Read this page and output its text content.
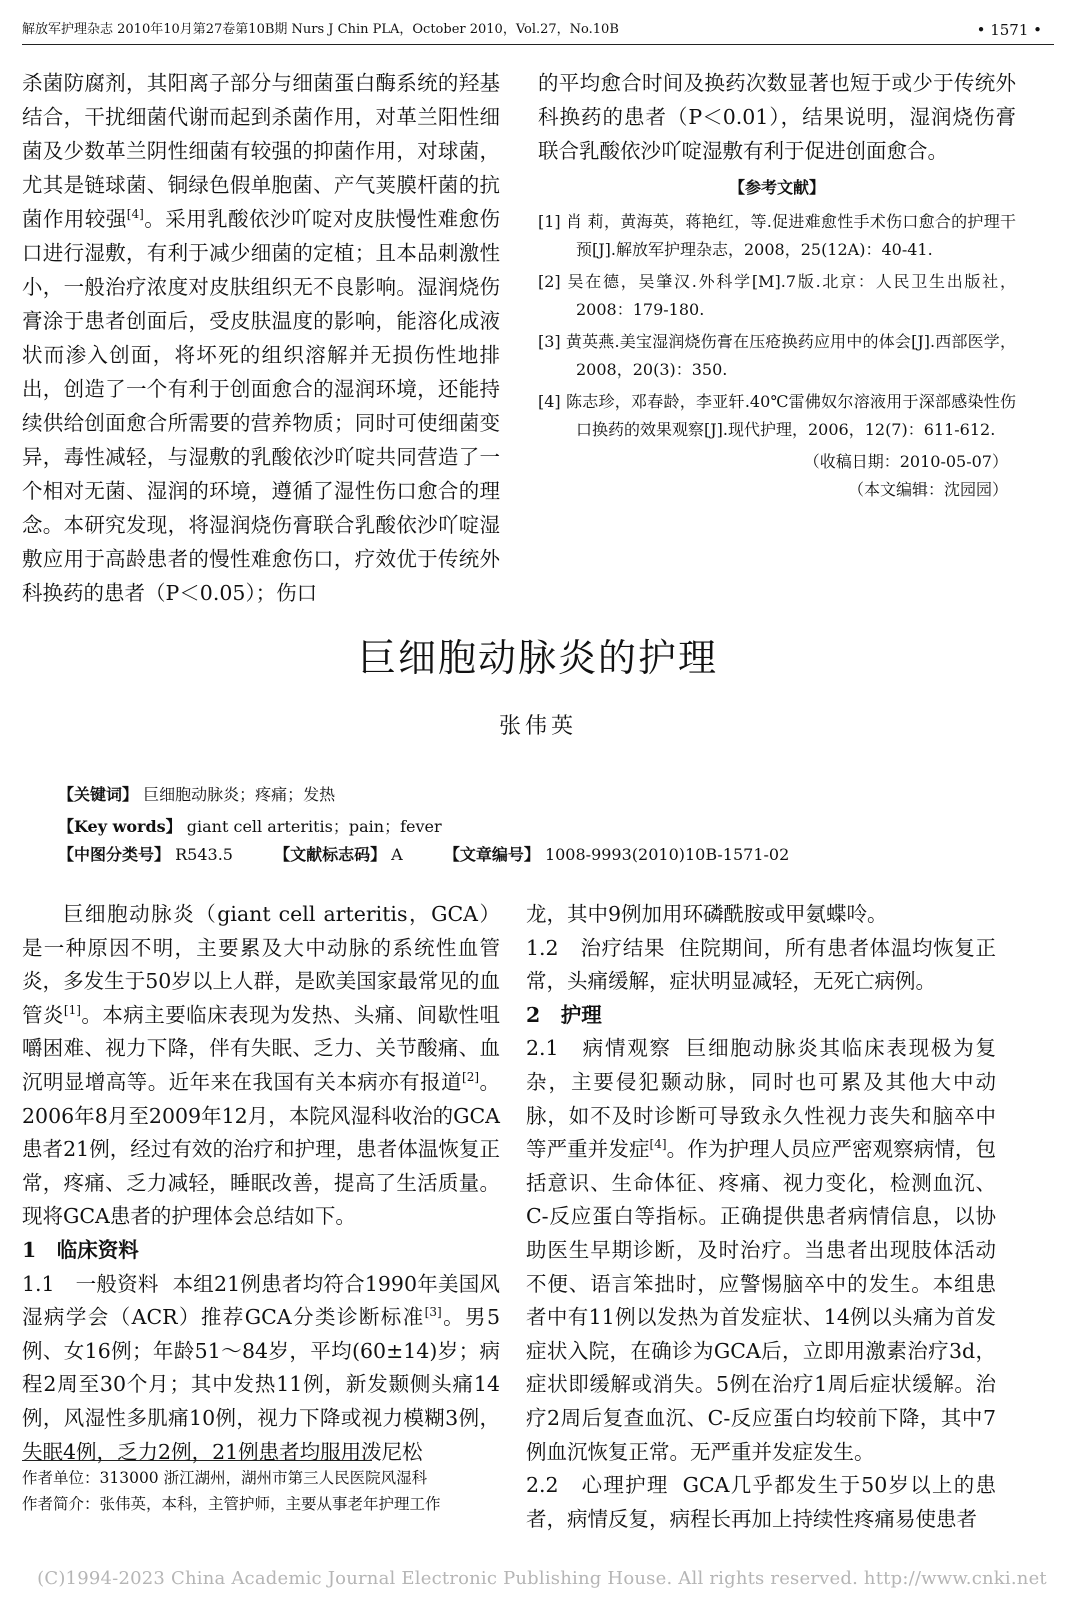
解放军护理杂志 2010年10月第27卷第10B期 Nurs J Chin PLA，October 2010，Vol.27，No.10B	• 1571 •

杀菌防腐剂，其阳离子部分与细菌蛋白酶系统的羟基结合，干扰细菌代谢而起到杀菌作用，对革兰阳性细菌及少数革兰阴性细菌有较强的抑菌作用，对球菌，尤其是链球菌、铜绿色假单胞菌、产气荚膜杆菌的抗菌作用较强[4]。采用乳酸依沙吖啶对皮肤慢性难愈伤口进行湿敷，有利于减少细菌的定植；且本品刺激性小，一般治疗浓度对皮肤组织无不良影响。湿润烧伤膏涂于患者创面后，受皮肤温度的影响，能溶化成液状而渗入创面，将坏死的组织溶解并无损伤性地排出，创造了一个有利于创面愈合的湿润环境，还能持续供给创面愈合所需要的营养物质；同时可使细菌变异，毒性减轻，与湿敷的乳酸依沙吖啶共同营造了一个相对无菌、湿润的环境，遵循了湿性伤口愈合的理念。本研究发现，将湿润烧伤膏联合乳酸依沙吖啶湿敷应用于高龄患者的慢性难愈伤口，疗效优于传统外科换药的患者（P＜0.05）；伤口

的平均愈合时间及换药次数显著也短于或少于传统外科换药的患者（P＜0.01），结果说明，湿润烧伤膏联合乳酸依沙吖啶湿敷有利于促进创面愈合。

【参考文献】
[1] 肖 莉，黄海英，蒋艳红，等.促进难愈性手术伤口愈合的护理干预[J].解放军护理杂志，2008，25(12A)：40-41.
[2] 吴在德，吴肇汉.外科学[M].7版.北京：人民卫生出版社，2008：179-180.
[3] 黄英燕.美宝湿润烧伤膏在压疮换药应用中的体会[J].西部医学，2008，20(3)：350.
[4] 陈志珍，邓春龄，李亚轩.40℃雷佛奴尔溶液用于深部感染性伤口换药的效果观察[J].现代护理，2006，12(7)：611-612.
（收稿日期：2010-05-07）
（本文编辑：沈园园）
巨细胞动脉炎的护理
张伟英
【关键词】 巨细胞动脉炎；疼痛；发热
【Key words】 giant cell arteritis；pain；fever
【中图分类号】 R543.5	【文献标志码】 A	【文章编号】 1008-9993(2010)10B-1571-02

巨细胞动脉炎（giant cell arteritis，GCA）是一种原因不明，主要累及大中动脉的系统性血管炎，多发生于50岁以上人群，是欧美国家最常见的血管炎[1]。本病主要临床表现为发热、头痛、间歇性咀嚼困难、视力下降，伴有失眠、乏力、关节酸痛、血沉明显增高等。近年来在我国有关本病亦有报道[2]。2006年8月至2009年12月，本院风湿科收治的GCA患者21例，经过有效的治疗和护理，患者体温恢复正常，疼痛、乏力减轻，睡眠改善，提高了生活质量。现将GCA患者的护理体会总结如下。

1　临床资料

1.1　一般资料 本组21例患者均符合1990年美国风湿病学会（ACR）推荐GCA分类诊断标准[3]。男5例、女16例；年龄51～84岁，平均(60±14)岁；病程2周至30个月；其中发热11例，新发颞侧头痛14例，风湿性多肌痛10例，视力下降或视力模糊3例，失眠4例，乏力2例，21例患者均服用泼尼松

龙，其中9例加用环磷酰胺或甲氨蝶呤。

1.2　治疗结果 住院期间，所有患者体温均恢复正常，头痛缓解，症状明显减轻，无死亡病例。

2　护理

2.1　病情观察 巨细胞动脉炎其临床表现极为复杂，主要侵犯颞动脉，同时也可累及其他大中动脉，如不及时诊断可导致永久性视力丧失和脑卒中等严重并发症[4]。作为护理人员应严密观察病情，包括意识、生命体征、疼痛、视力变化，检测血沉、C-反应蛋白等指标。正确提供患者病情信息，以协助医生早期诊断，及时治疗。当患者出现肢体活动不便、语言笨拙时，应警惕脑卒中的发生。本组患者中有11例以发热为首发症状、14例以头痛为首发症状入院，在确诊为GCA后，立即用激素治疗3d，症状即缓解或消失。5例在治疗1周后症状缓解。治疗2周后复查血沉、C-反应蛋白均较前下降，其中7例血沉恢复正常。无严重并发症发生。

2.2　心理护理 GCA几乎都发生于50岁以上的患者，病情反复，病程长再加上持续性疼痛易使患者

作者单位：313000 浙江湖州，湖州市第三人民医院风湿科
作者简介：张伟英，本科，主管护师，主要从事老年护理工作
(C)1994-2023 China Academic Journal Electronic Publishing House. All rights reserved. http://www.cnki.net
